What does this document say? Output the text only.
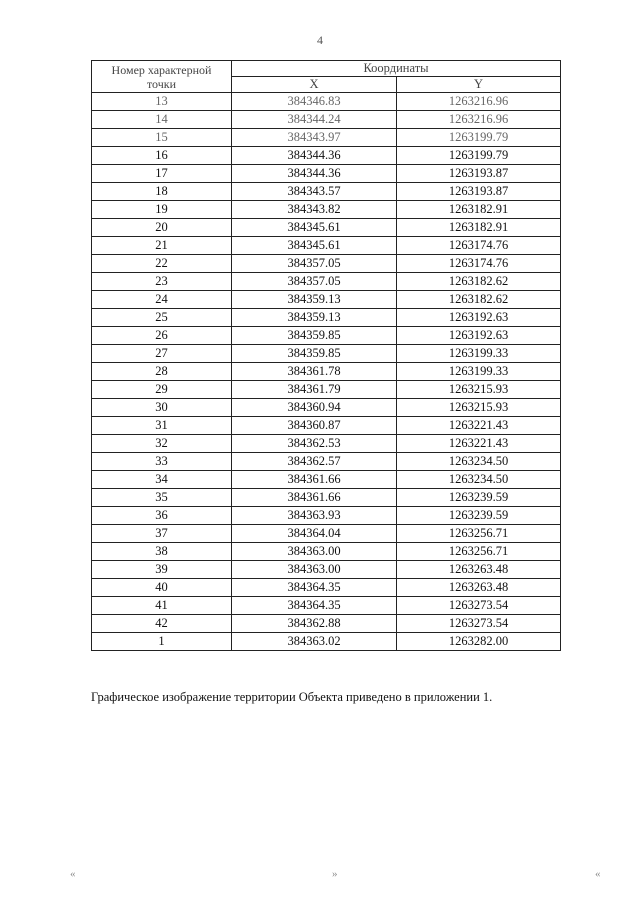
4
Номер характерной
точки	Координаты	
	X	Y
13	384346.83	1263216.96
14	384344.24	1263216.96
15	384343.97	1263199.79
16	384344.36	1263199.79
17	384344.36	1263193.87
18	384343.57	1263193.87
19	384343.82	1263182.91
20	384345.61	1263182.91
21	384345.61	1263174.76
22	384357.05	1263174.76
23	384357.05	1263182.62
24	384359.13	1263182.62
25	384359.13	1263192.63
26	384359.85	1263192.63
27	384359.85	1263199.33
28	384361.78	1263199.33
29	384361.79	1263215.93
30	384360.94	1263215.93
31	384360.87	1263221.43
32	384362.53	1263221.43
33	384362.57	1263234.50
34	384361.66	1263234.50
35	384361.66	1263239.59
36	384363.93	1263239.59
37	384364.04	1263256.71
38	384363.00	1263256.71
39	384363.00	1263263.48
40	384364.35	1263263.48
41	384364.35	1263273.54
42	384362.88	1263273.54
1	384363.02	1263282.00
Графическое изображение территории Объекта приведено в приложении 1.
«	»	«
